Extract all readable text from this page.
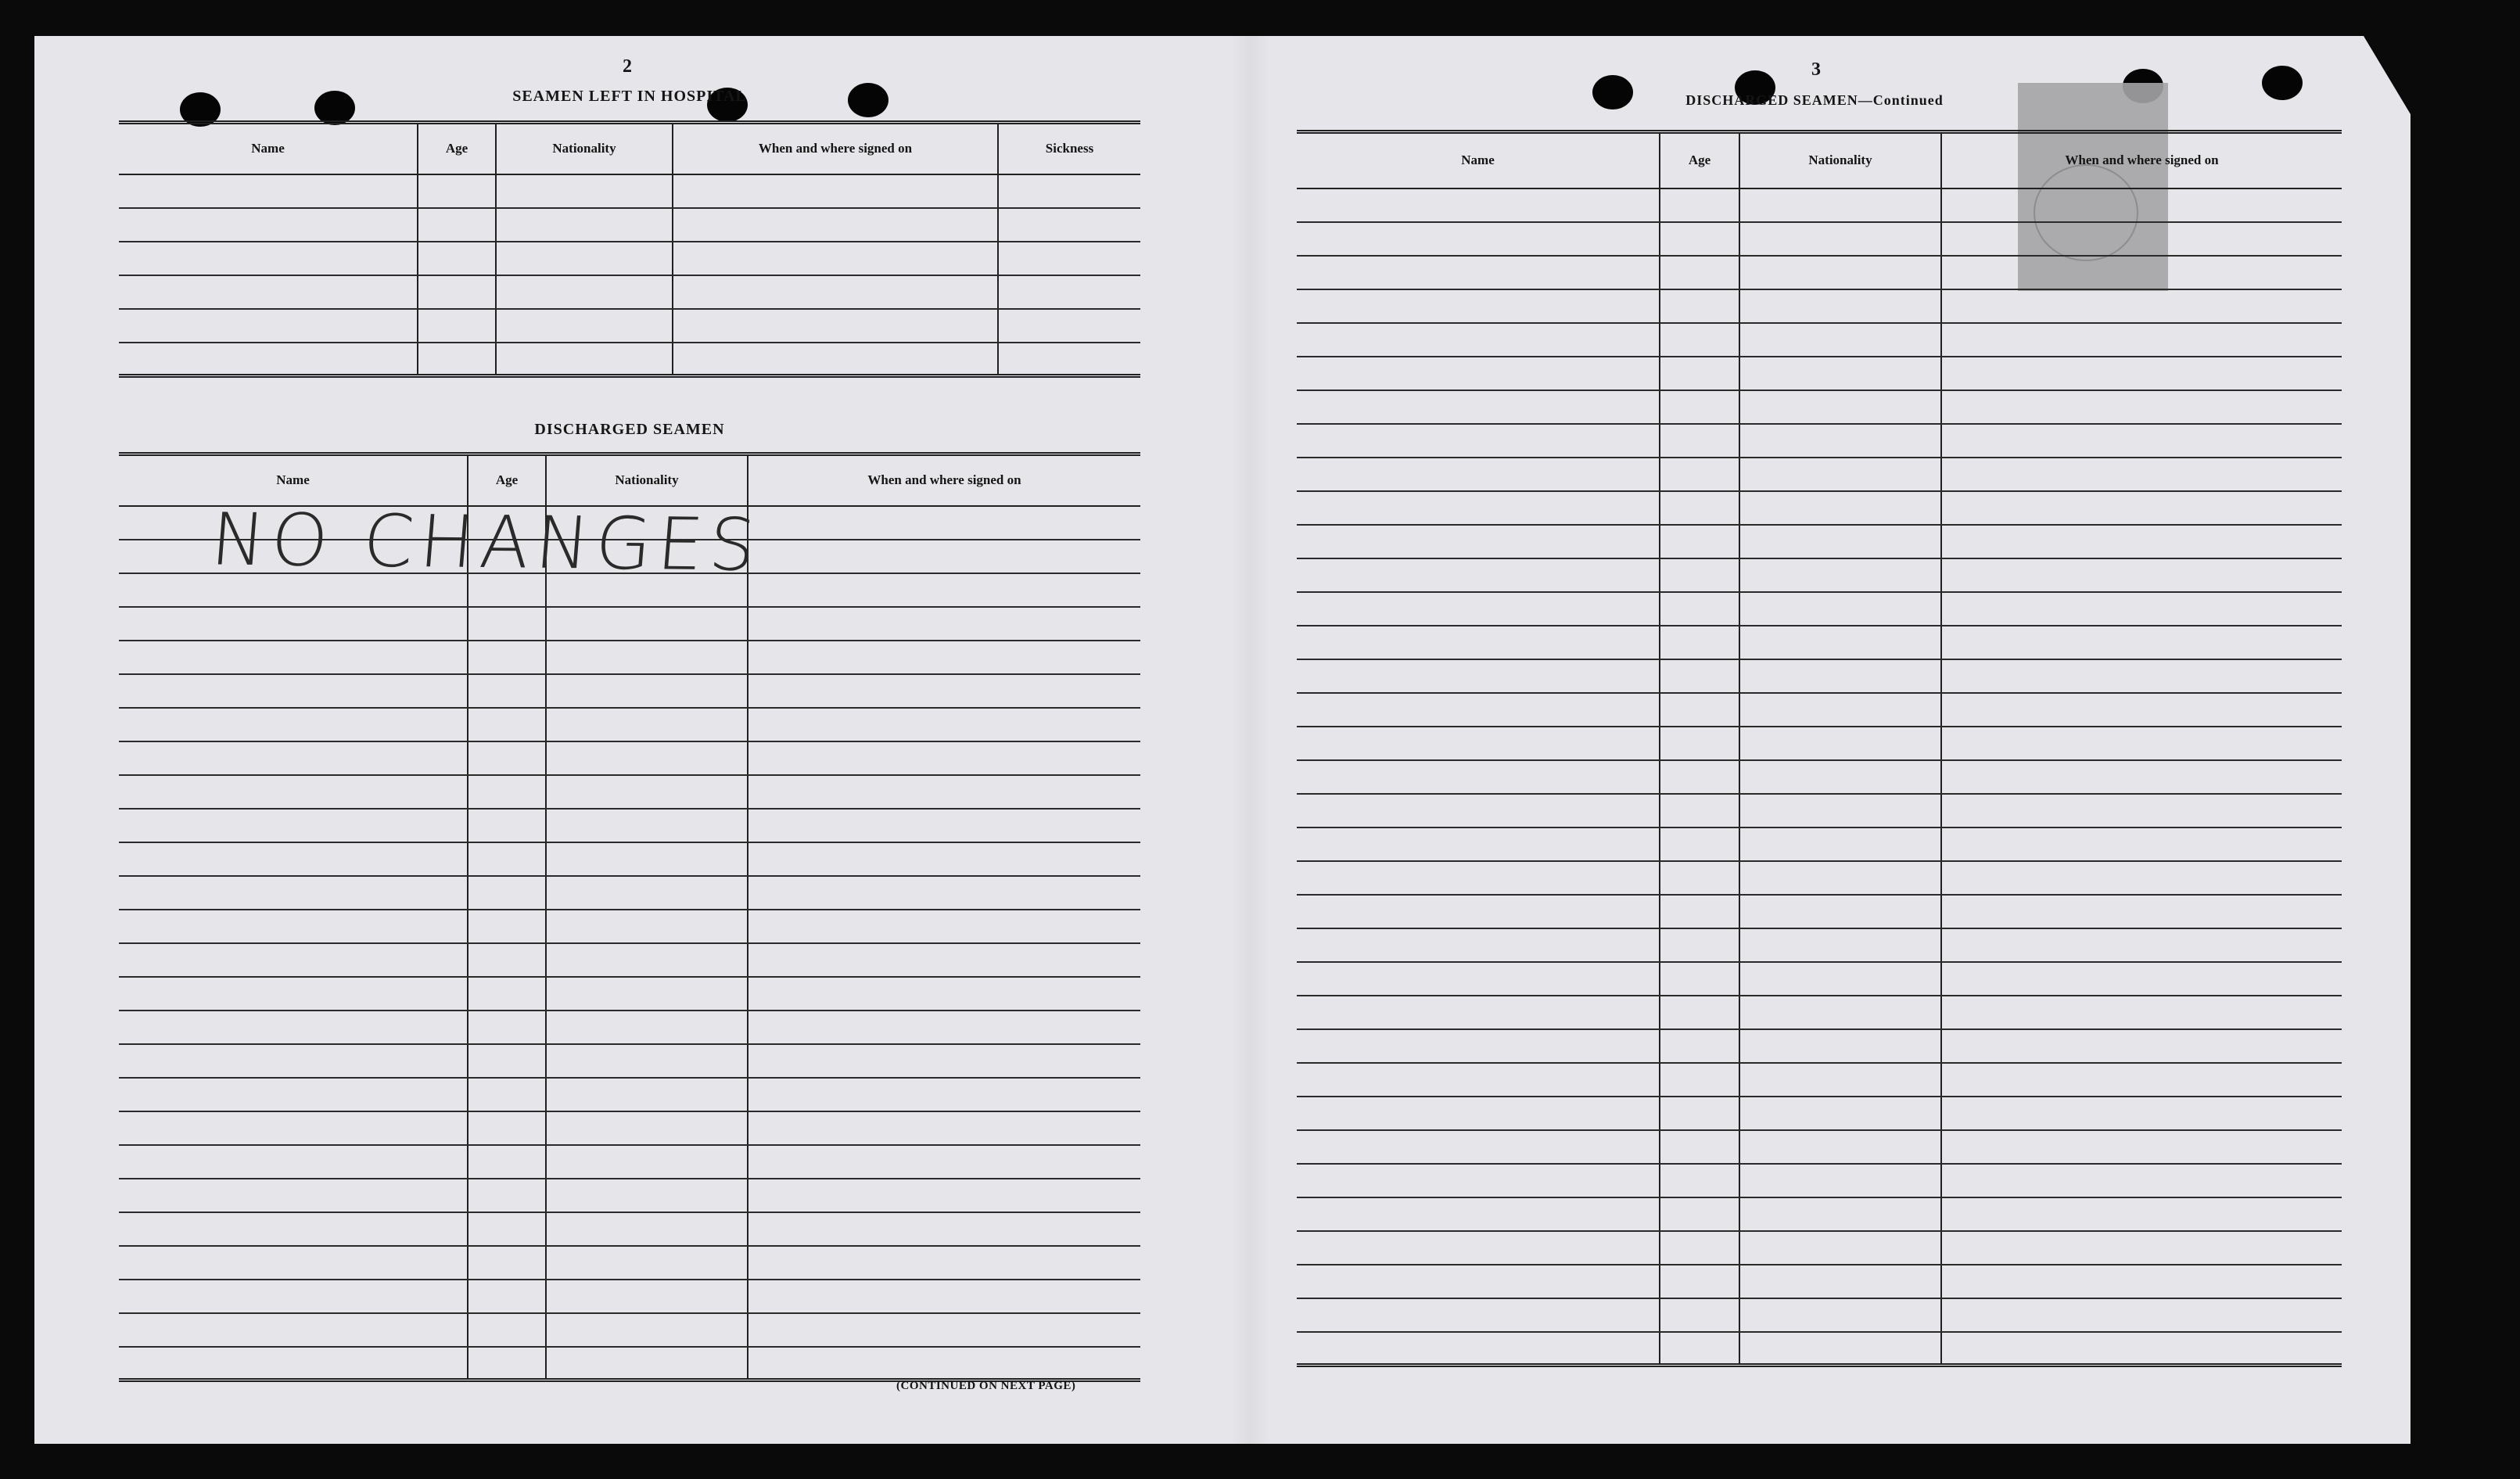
2
SEAMEN LEFT IN HOSPITAL
Name	Age	Nationality	When and where signed on	Sickness

DISCHARGED SEAMEN
Name	Age	Nationality	When and where signed on

NO CHANGES
(CONTINUED ON NEXT PAGE)
3
DISCHARGED SEAMEN—Continued
Name	Age	Nationality	When and where signed on
